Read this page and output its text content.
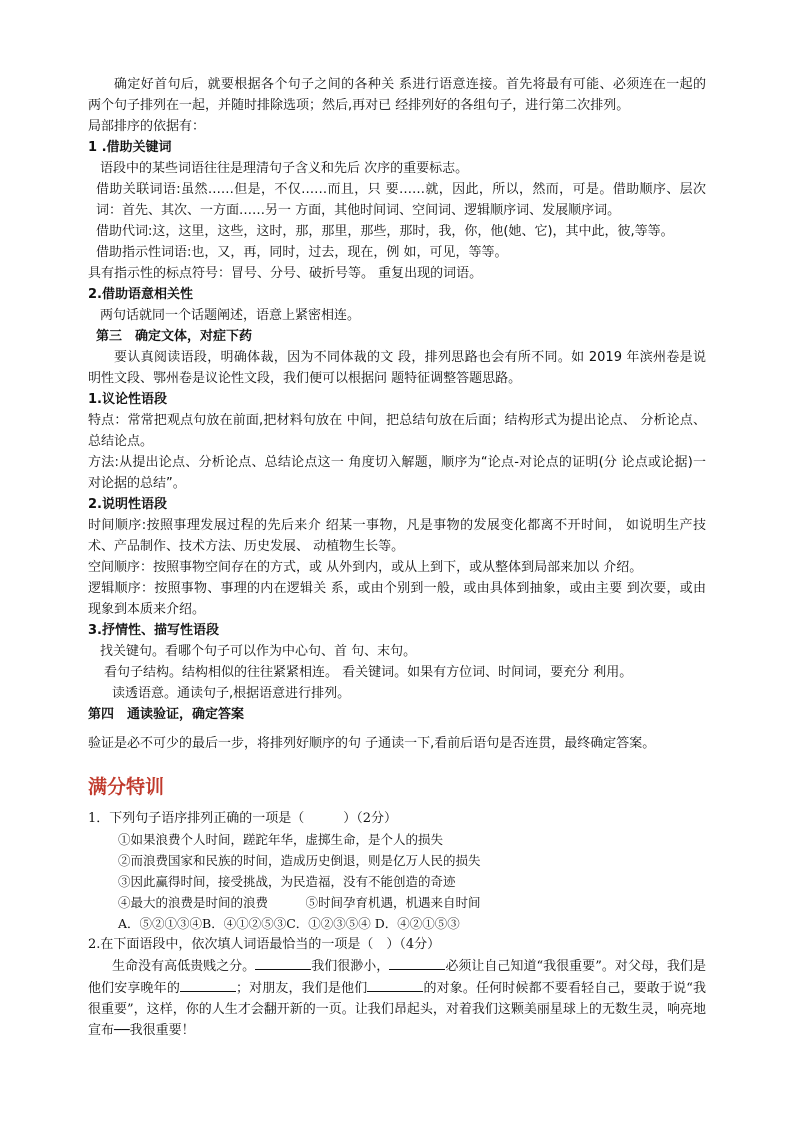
确定好首句后，就要根据各个句子之间的各种关 系进行语意连接。首先将最有可能、必须连在一起的 两个句子排列在一起，并随时排除选项；然后,再对已 经排列好的各组句子，进行第二次排列。

局部排序的依据有：

1 .借助关键词

语段中的某些词语往往是理清句子含义和先后 次序的重要标志。

借助关联词语:虽然……但是，不仅……而且，只 要……就，因此，所以，然而，可是。借助顺序、层次词：首先、其次、一方面……另一 方面，其他时间词、空间词、逻辑顺序词、发展顺序词。

借助代词:这，这里，这些，这时，那，那里，那些，那时，我，你，他(她、它)，其中此，彼,等等。

借助指示性词语:也，又，再，同时，过去，现在，例 如，可见，等等。

具有指示性的标点符号：冒号、分号、破折号等。 重复出现的词语。

2.借助语意相关性

两句话就同一个话题阐述，语意上紧密相连。

第三　确定文体，对症下药

要认真阅读语段，明确体裁，因为不同体裁的文 段，排列思路也会有所不同。如 2019 年滨州卷是说 明性文段、鄂州卷是议论性文段，我们便可以根据问 题特征调整答题思路。

1.议论性语段

特点：常常把观点句放在前面,把材料句放在 中间，把总结句放在后面；结构形式为提出论点、 分析论点、总结论点。

方法:从提出论点、分析论点、总结论点这一 角度切入解题，顺序为“论点-对论点的证明(分 论点或论据)一对论据的总结”。

2.说明性语段

时间顺序:按照事理发展过程的先后来介 绍某一事物，凡是事物的发展变化都离不开时间， 如说明生产技术、产品制作、技术方法、历史发展、 动植物生长等。

空间顺序：按照事物空间存在的方式，或 从外到内，或从上到下，或从整体到局部来加以 介绍。

逻辑顺序：按照事物、事理的内在逻辑关 系，或由个别到一般，或由具体到抽象，或由主要 到次要，或由现象到本质来介绍。

3.抒情性、描写性语段

找关键句。看哪个句子可以作为中心句、首 句、末句。

看句子结构。结构相似的往往紧紧相连。 看关键词。如果有方位词、时间词，要充分 利用。

读透语意。通读句子,根据语意进行排列。

第四　通读验证，确定答案

验证是必不可少的最后一步，将排列好顺序的句 子通读一下,看前后语句是否连贯，最终确定答案。

满分特训

1．下列句子语序排列正确的一项是（　　　）（2分）

①如果浪费个人时间，蹉跎年华，虚掷生命，是个人的损失

②而浪费国家和民族的时间，造成历史倒退，则是亿万人民的损失

③因此赢得时间，接受挑战，为民造福，没有不能创造的奇迹

④最大的浪费是时间的浪费　　　⑤时间孕育机遇，机遇来自时间

A．⑤②①③④B．④①②⑤③C．①②③⑤④ D．④②①⑤③

2.在下面语段中，依次填人词语最恰当的一项是（　）（4分）

生命没有高低贵贱之分。	我们很渺小，	必须让自己知道“我很重要”。对父母，我们是他们安享晚年的	；对朋友，我们是他们	的对象。任何时候都不要看轻自己，要敢于说“我很重要”，这样，你的人生才会翻开新的一页。让我们昂起头，对着我们这颗美丽星球上的无数生灵，响亮地宣布──我很重要！
